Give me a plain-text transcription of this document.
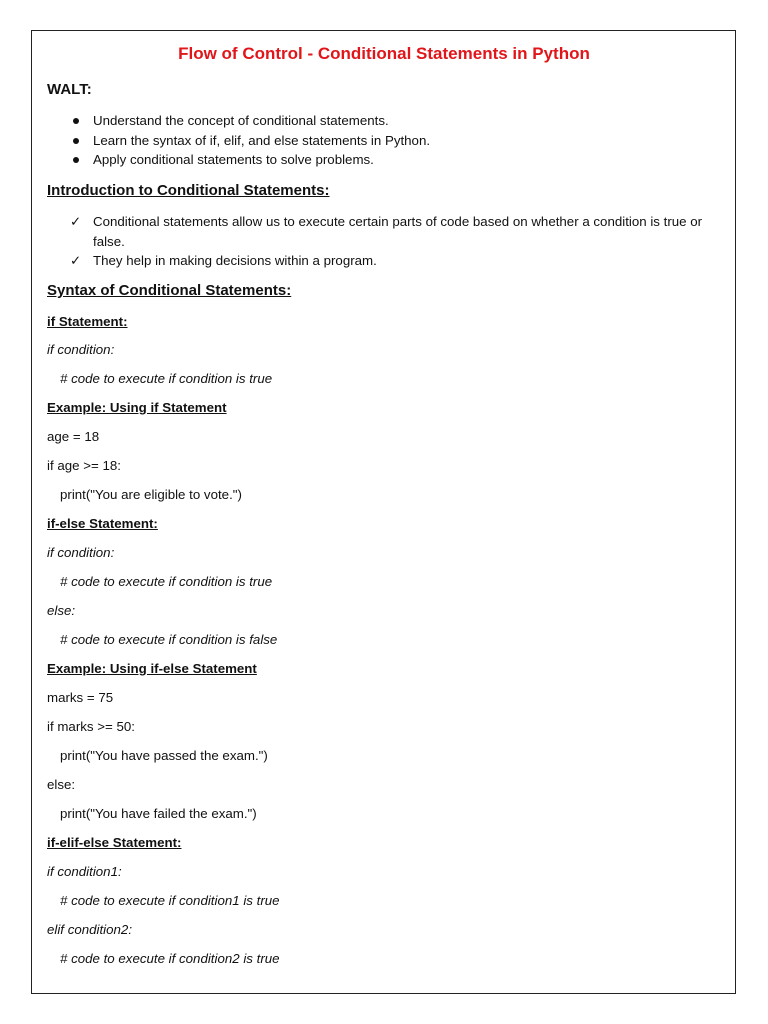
Flow of Control - Conditional Statements in Python
WALT:
Understand the concept of conditional statements.
Learn the syntax of if, elif, and else statements in Python.
Apply conditional statements to solve problems.
Introduction to Conditional Statements:
✓ Conditional statements allow us to execute certain parts of code based on whether a condition is true or false.
✓ They help in making decisions within a program.
Syntax of Conditional Statements:

if Statement:

if condition:

# code to execute if condition is true

Example: Using if Statement

age = 18

if age >= 18:

print("You are eligible to vote.")

if-else Statement:

if condition:

# code to execute if condition is true

else:

# code to execute if condition is false

Example: Using if-else Statement

marks = 75

if marks >= 50:

print("You have passed the exam.")

else:

print("You have failed the exam.")

if-elif-else Statement:

if condition1:

# code to execute if condition1 is true

elif condition2:

# code to execute if condition2 is true
